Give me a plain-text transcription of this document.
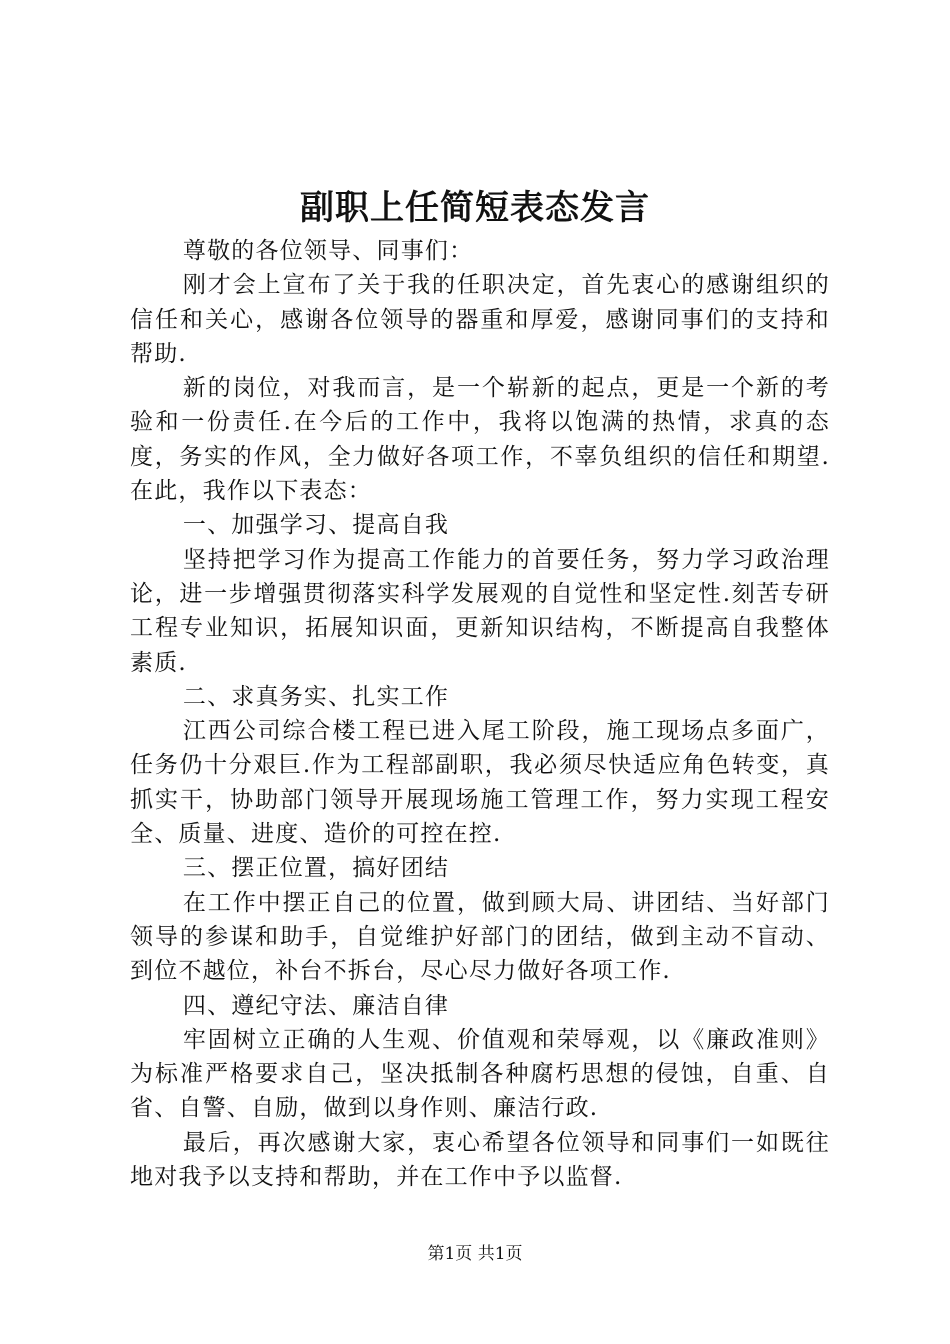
副职上任简短表态发言

尊敬的各位领导、同事们：

刚才会上宣布了关于我的任职决定，首先衷心的感谢组织的信任和关心，感谢各位领导的器重和厚爱，感谢同事们的支持和帮助.

新的岗位，对我而言，是一个崭新的起点，更是一个新的考验和一份责任.在今后的工作中，我将以饱满的热情，求真的态度，务实的作风，全力做好各项工作，不辜负组织的信任和期望.在此，我作以下表态：

一、加强学习、提高自我

坚持把学习作为提高工作能力的首要任务，努力学习政治理论，进一步增强贯彻落实科学发展观的自觉性和坚定性.刻苦专研工程专业知识，拓展知识面，更新知识结构，不断提高自我整体素质.

二、求真务实、扎实工作

江西公司综合楼工程已进入尾工阶段，施工现场点多面广，任务仍十分艰巨.作为工程部副职，我必须尽快适应角色转变，真抓实干，协助部门领导开展现场施工管理工作，努力实现工程安全、质量、进度、造价的可控在控.

三、摆正位置，搞好团结

在工作中摆正自己的位置，做到顾大局、讲团结、当好部门领导的参谋和助手，自觉维护好部门的团结，做到主动不盲动、到位不越位，补台不拆台，尽心尽力做好各项工作.

四、遵纪守法、廉洁自律

牢固树立正确的人生观、价值观和荣辱观，以《廉政准则》为标准严格要求自己，坚决抵制各种腐朽思想的侵蚀，自重、自省、自警、自励，做到以身作则、廉洁行政.

最后，再次感谢大家，衷心希望各位领导和同事们一如既往地对我予以支持和帮助，并在工作中予以监督.

第1页 共1页
